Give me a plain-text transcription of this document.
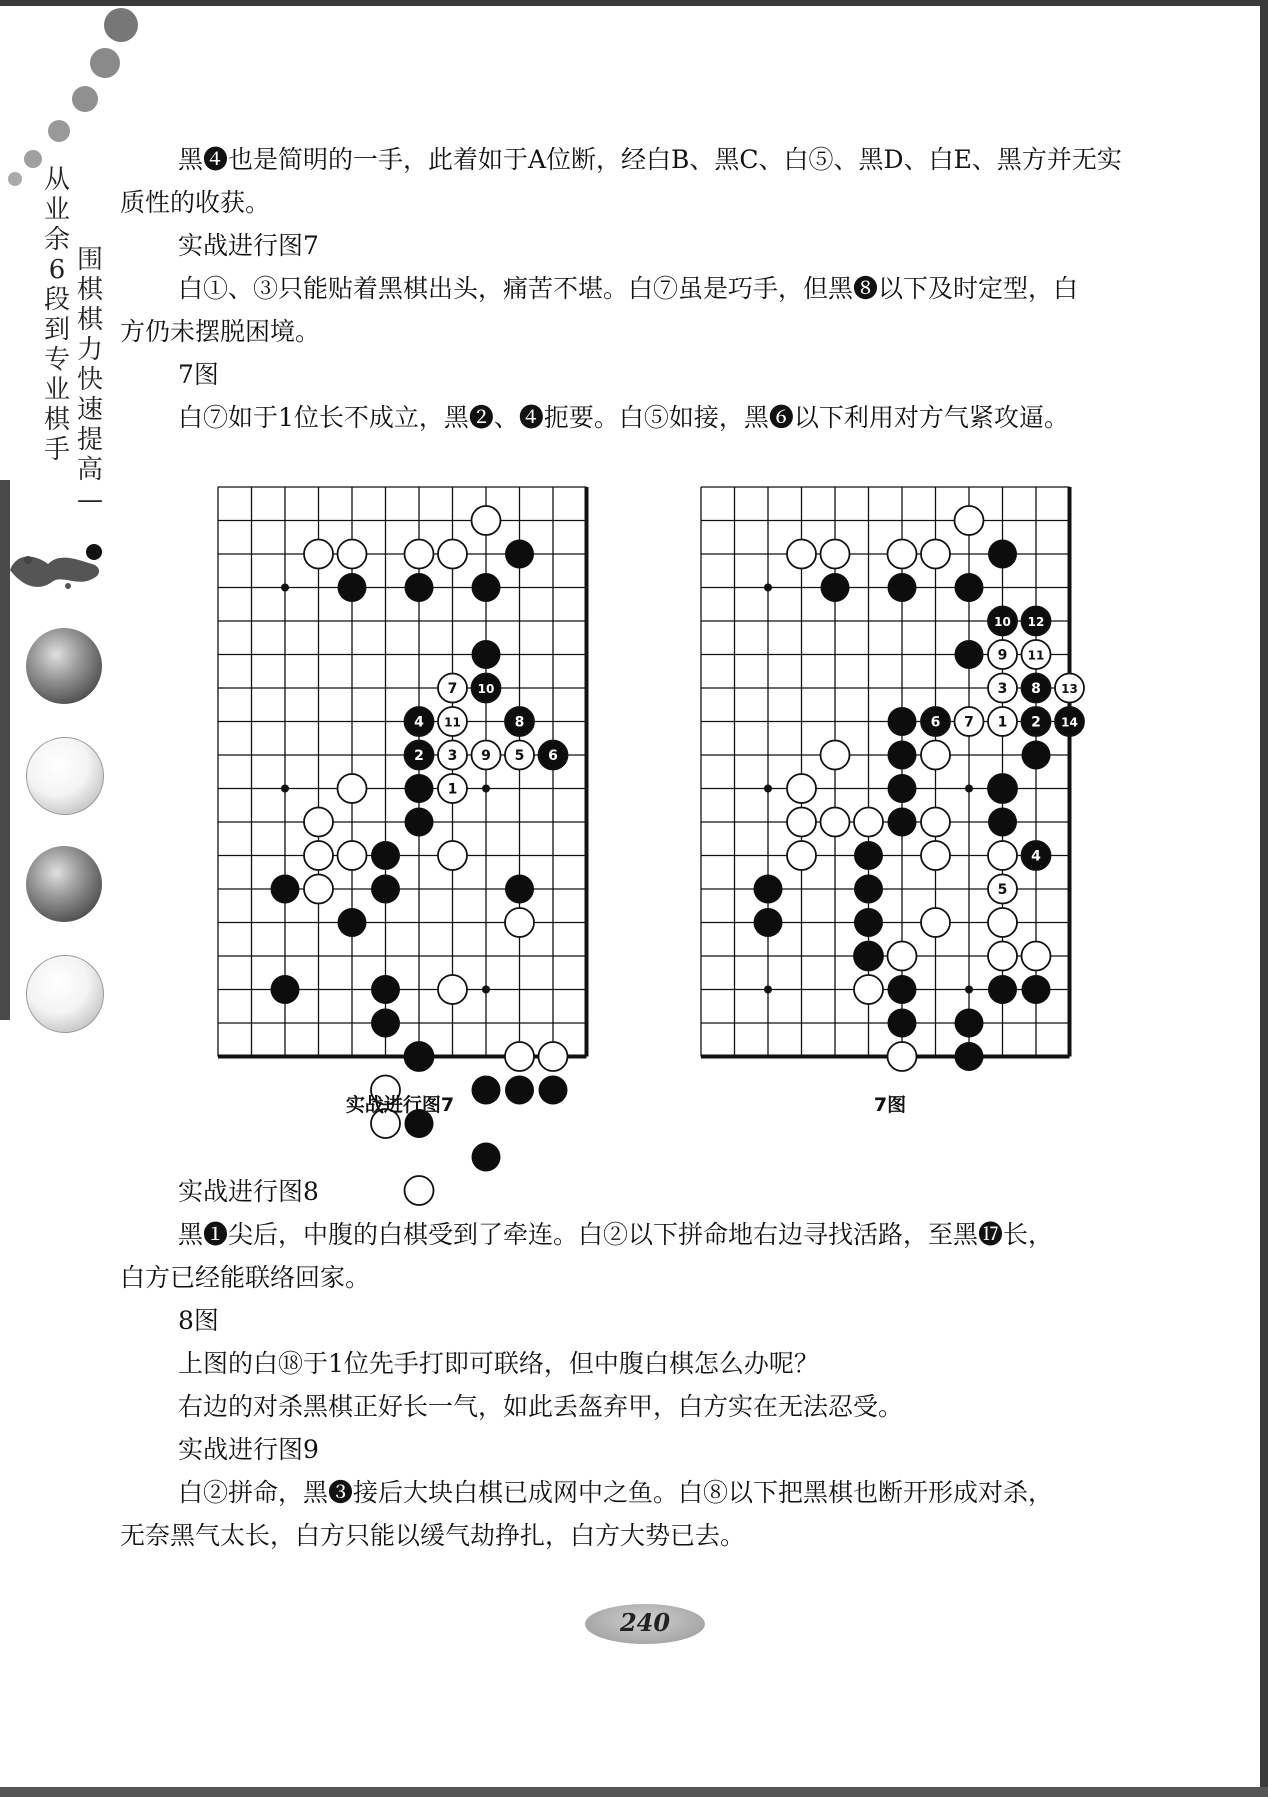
从
业
余
6
段
到
专
业
棋
手
围
棋
棋
力
快
速
提
高
—

黑❹也是简明的一手，此着如于A位断，经白B、黑C、白⑤、黑D、白E、黑方并无实

质性的收获。

实战进行图7

白①、③只能贴着黑棋出头，痛苦不堪。白⑦虽是巧手，但黑❽以下及时定型，白

方仍未摆脱困境。

7图

白⑦如于1位长不成立，黑❷、❹扼要。白⑤如接，黑❻以下利用对方气紧攻逼。

7 10
4 11	8
2 3 9 5 6
1
10 12
9 11
3 8 13
6 7 1 2 14
4
5
实战进行图7	7图

实战进行图8

黑❶尖后，中腹的白棋受到了牵连。白②以下拼命地右边寻找活路，至黑⓱长，

白方已经能联络回家。

8图

上图的白⑱于1位先手打即可联络，但中腹白棋怎么办呢？

右边的对杀黑棋正好长一气，如此丢盔弃甲，白方实在无法忍受。

实战进行图9

白②拼命，黑❸接后大块白棋已成网中之鱼。白⑧以下把黑棋也断开形成对杀，

无奈黑气太长，白方只能以缓气劫挣扎，白方大势已去。

240
